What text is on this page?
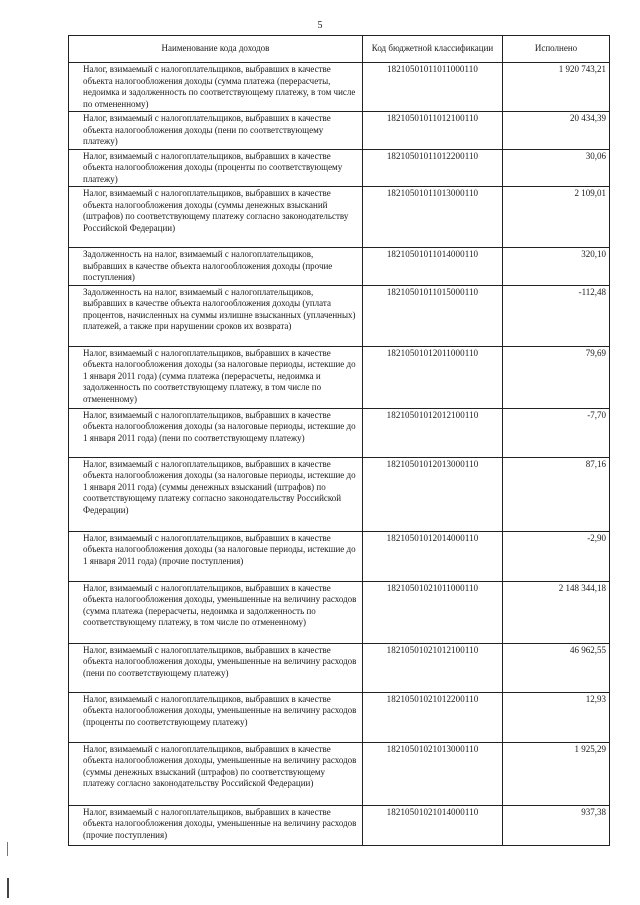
5
Наименование кода доходов	Код бюджетной классификации	Исполнено
Налог, взимаемый с налогоплательщиков, выбравших в качестве объекта налогообложения доходы (сумма платежа (перерасчеты, недоимка и задолженность по соответствующему платежу, в том числе по отмененному)	18210501011011000110	1 920 743,21
Налог, взимаемый с налогоплательщиков, выбравших в качестве объекта налогообложения доходы (пени по соответствующему платежу)	18210501011012100110	20 434,39
Налог, взимаемый с налогоплательщиков, выбравших в качестве объекта налогообложения доходы (проценты по соответствующему платежу)	18210501011012200110	30,06
Налог, взимаемый с налогоплательщиков, выбравших в качестве объекта налогообложения доходы (суммы денежных взысканий (штрафов) по соответствующему платежу согласно законодательству Российской Федерации)	18210501011013000110	2 109,01
Задолженность на налог, взимаемый с налогоплательщиков, выбравших в качестве объекта налогообложения доходы (прочие поступления)	18210501011014000110	320,10
Задолженность на налог, взимаемый с налогоплательщиков, выбравших в качестве объекта налогообложения доходы (уплата процентов, начисленных на суммы излишне взысканных (уплаченных) платежей, а также при нарушении сроков их возврата)	18210501011015000110	-112,48
Налог, взимаемый с налогоплательщиков, выбравших в качестве объекта налогообложения доходы (за налоговые периоды, истекшие до 1 января 2011 года) (сумма платежа (перерасчеты, недоимка и задолженность по соответствующему платежу, в том числе по отмененному)	18210501012011000110	79,69
Налог, взимаемый с налогоплательщиков, выбравших в качестве объекта налогообложения доходы (за налоговые периоды, истекшие до 1 января 2011 года) (пени по соответствующему платежу)	18210501012012100110	-7,70
Налог, взимаемый с налогоплательщиков, выбравших в качестве объекта налогообложения доходы (за налоговые периоды, истекшие до 1 января 2011 года) (суммы денежных взысканий (штрафов) по соответствующему платежу согласно законодательству Российской Федерации)	18210501012013000110	87,16
Налог, взимаемый с налогоплательщиков, выбравших в качестве объекта налогообложения доходы (за налоговые периоды, истекшие до 1 января 2011 года) (прочие поступления)	18210501012014000110	-2,90
Налог, взимаемый с налогоплательщиков, выбравших в качестве объекта налогообложения доходы, уменьшенные на величину расходов (сумма платежа (перерасчеты, недоимка и задолженность по соответствующему платежу, в том числе по отмененному)	18210501021011000110	2 148 344,18
Налог, взимаемый с налогоплательщиков, выбравших в качестве объекта налогообложения доходы, уменьшенные на величину расходов (пени по соответствующему платежу)	18210501021012100110	46 962,55
Налог, взимаемый с налогоплательщиков, выбравших в качестве объекта налогообложения доходы, уменьшенные на величину расходов (проценты по соответствующему платежу)	18210501021012200110	12,93
Налог, взимаемый с налогоплательщиков, выбравших в качестве объекта налогообложения доходы, уменьшенные на величину расходов (суммы денежных взысканий (штрафов) по соответствующему платежу согласно законодательству Российской Федерации)	18210501021013000110	1 925,29
Налог, взимаемый с налогоплательщиков, выбравших в качестве объекта налогообложения доходы, уменьшенные на величину расходов (прочие поступления)	18210501021014000110	937,38
